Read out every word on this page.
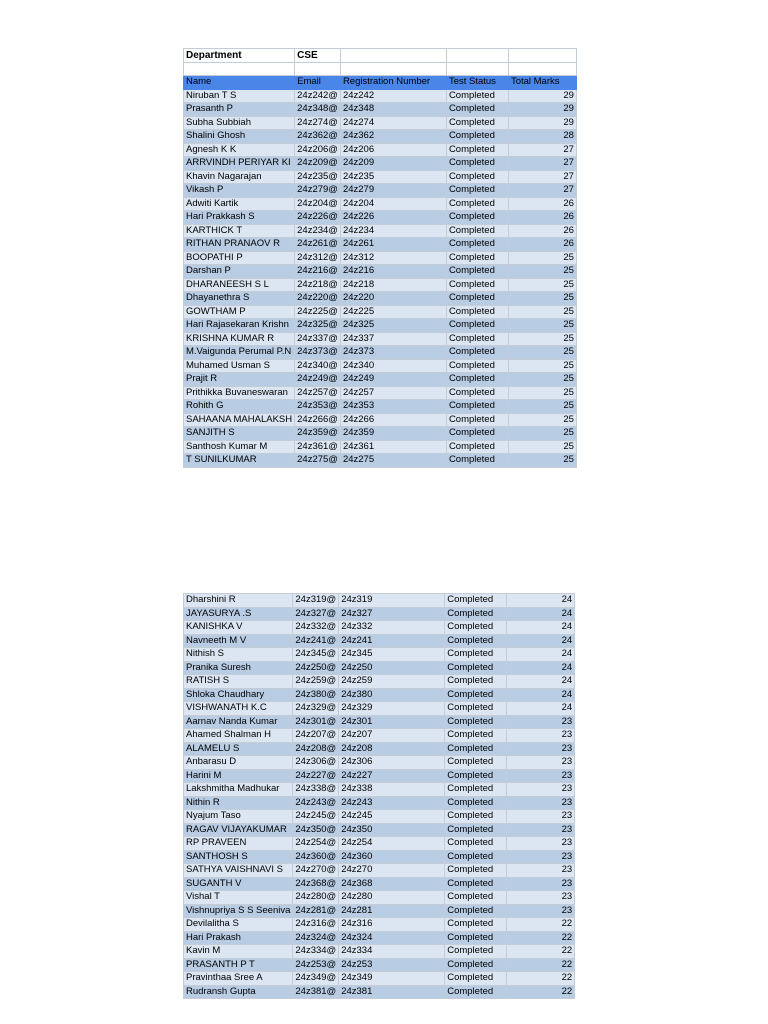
Department	CSE			

Name	Email	Registration Number	Test Status	Total Marks
Niruban T S	24z242@	24z242	Completed	29
Prasanth P	24z348@	24z348	Completed	29
Subha Subbiah	24z274@	24z274	Completed	29
Shalini Ghosh	24z362@	24z362	Completed	28
Agnesh K K	24z206@	24z206	Completed	27
ARRVINDH PERIYAR KI	24z209@	24z209	Completed	27
Khavin Nagarajan	24z235@	24z235	Completed	27
Vikash P	24z279@	24z279	Completed	27
Adwiti Kartik	24z204@	24z204	Completed	26
Hari Prakkash S	24z226@	24z226	Completed	26
KARTHICK T	24z234@	24z234	Completed	26
RITHAN PRANAOV R	24z261@	24z261	Completed	26
BOOPATHI P	24z312@	24z312	Completed	25
Darshan P	24z216@	24z216	Completed	25
DHARANEESH S L	24z218@	24z218	Completed	25
Dhayanethra S	24z220@	24z220	Completed	25
GOWTHAM P	24z225@	24z225	Completed	25
Hari Rajasekaran Krishn	24z325@	24z325	Completed	25
KRISHNA KUMAR R	24z337@	24z337	Completed	25
M.Vaigunda Perumal P.N	24z373@	24z373	Completed	25
Muhamed Usman S	24z340@	24z340	Completed	25
Prajit R	24z249@	24z249	Completed	25
Prithikka Buvaneswaran	24z257@	24z257	Completed	25
Rohith G	24z353@	24z353	Completed	25
SAHAANA MAHALAKSH	24z266@	24z266	Completed	25
SANJITH S	24z359@	24z359	Completed	25
Santhosh Kumar M	24z361@	24z361	Completed	25
T SUNILKUMAR	24z275@	24z275	Completed	25
Dharshini R	24z319@	24z319	Completed	24
JAYASURYA .S	24z327@	24z327	Completed	24
KANISHKA V	24z332@	24z332	Completed	24
Navneeth M V	24z241@	24z241	Completed	24
Nithish S	24z345@	24z345	Completed	24
Pranika Suresh	24z250@	24z250	Completed	24
RATISH S	24z259@	24z259	Completed	24
Shloka Chaudhary	24z380@	24z380	Completed	24
VISHWANATH K.C	24z329@	24z329	Completed	24
Aarnav Nanda Kumar	24z301@	24z301	Completed	23
Ahamed Shalman H	24z207@	24z207	Completed	23
ALAMELU S	24z208@	24z208	Completed	23
Anbarasu D	24z306@	24z306	Completed	23
Harini M	24z227@	24z227	Completed	23
Lakshmitha Madhukar	24z338@	24z338	Completed	23
Nithin R	24z243@	24z243	Completed	23
Nyajum Taso	24z245@	24z245	Completed	23
RAGAV VIJAYAKUMAR	24z350@	24z350	Completed	23
RP PRAVEEN	24z254@	24z254	Completed	23
SANTHOSH S	24z360@	24z360	Completed	23
SATHYA VAISHNAVI S	24z270@	24z270	Completed	23
SUGANTH V	24z368@	24z368	Completed	23
Vishal T	24z280@	24z280	Completed	23
Vishnupriya S S Seeniva	24z281@	24z281	Completed	23
Devilalitha S	24z316@	24z316	Completed	22
Hari Prakash	24z324@	24z324	Completed	22
Kavin M	24z334@	24z334	Completed	22
PRASANTH P T	24z253@	24z253	Completed	22
Pravinthaa Sree A	24z349@	24z349	Completed	22
Rudransh Gupta	24z381@	24z381	Completed	22
